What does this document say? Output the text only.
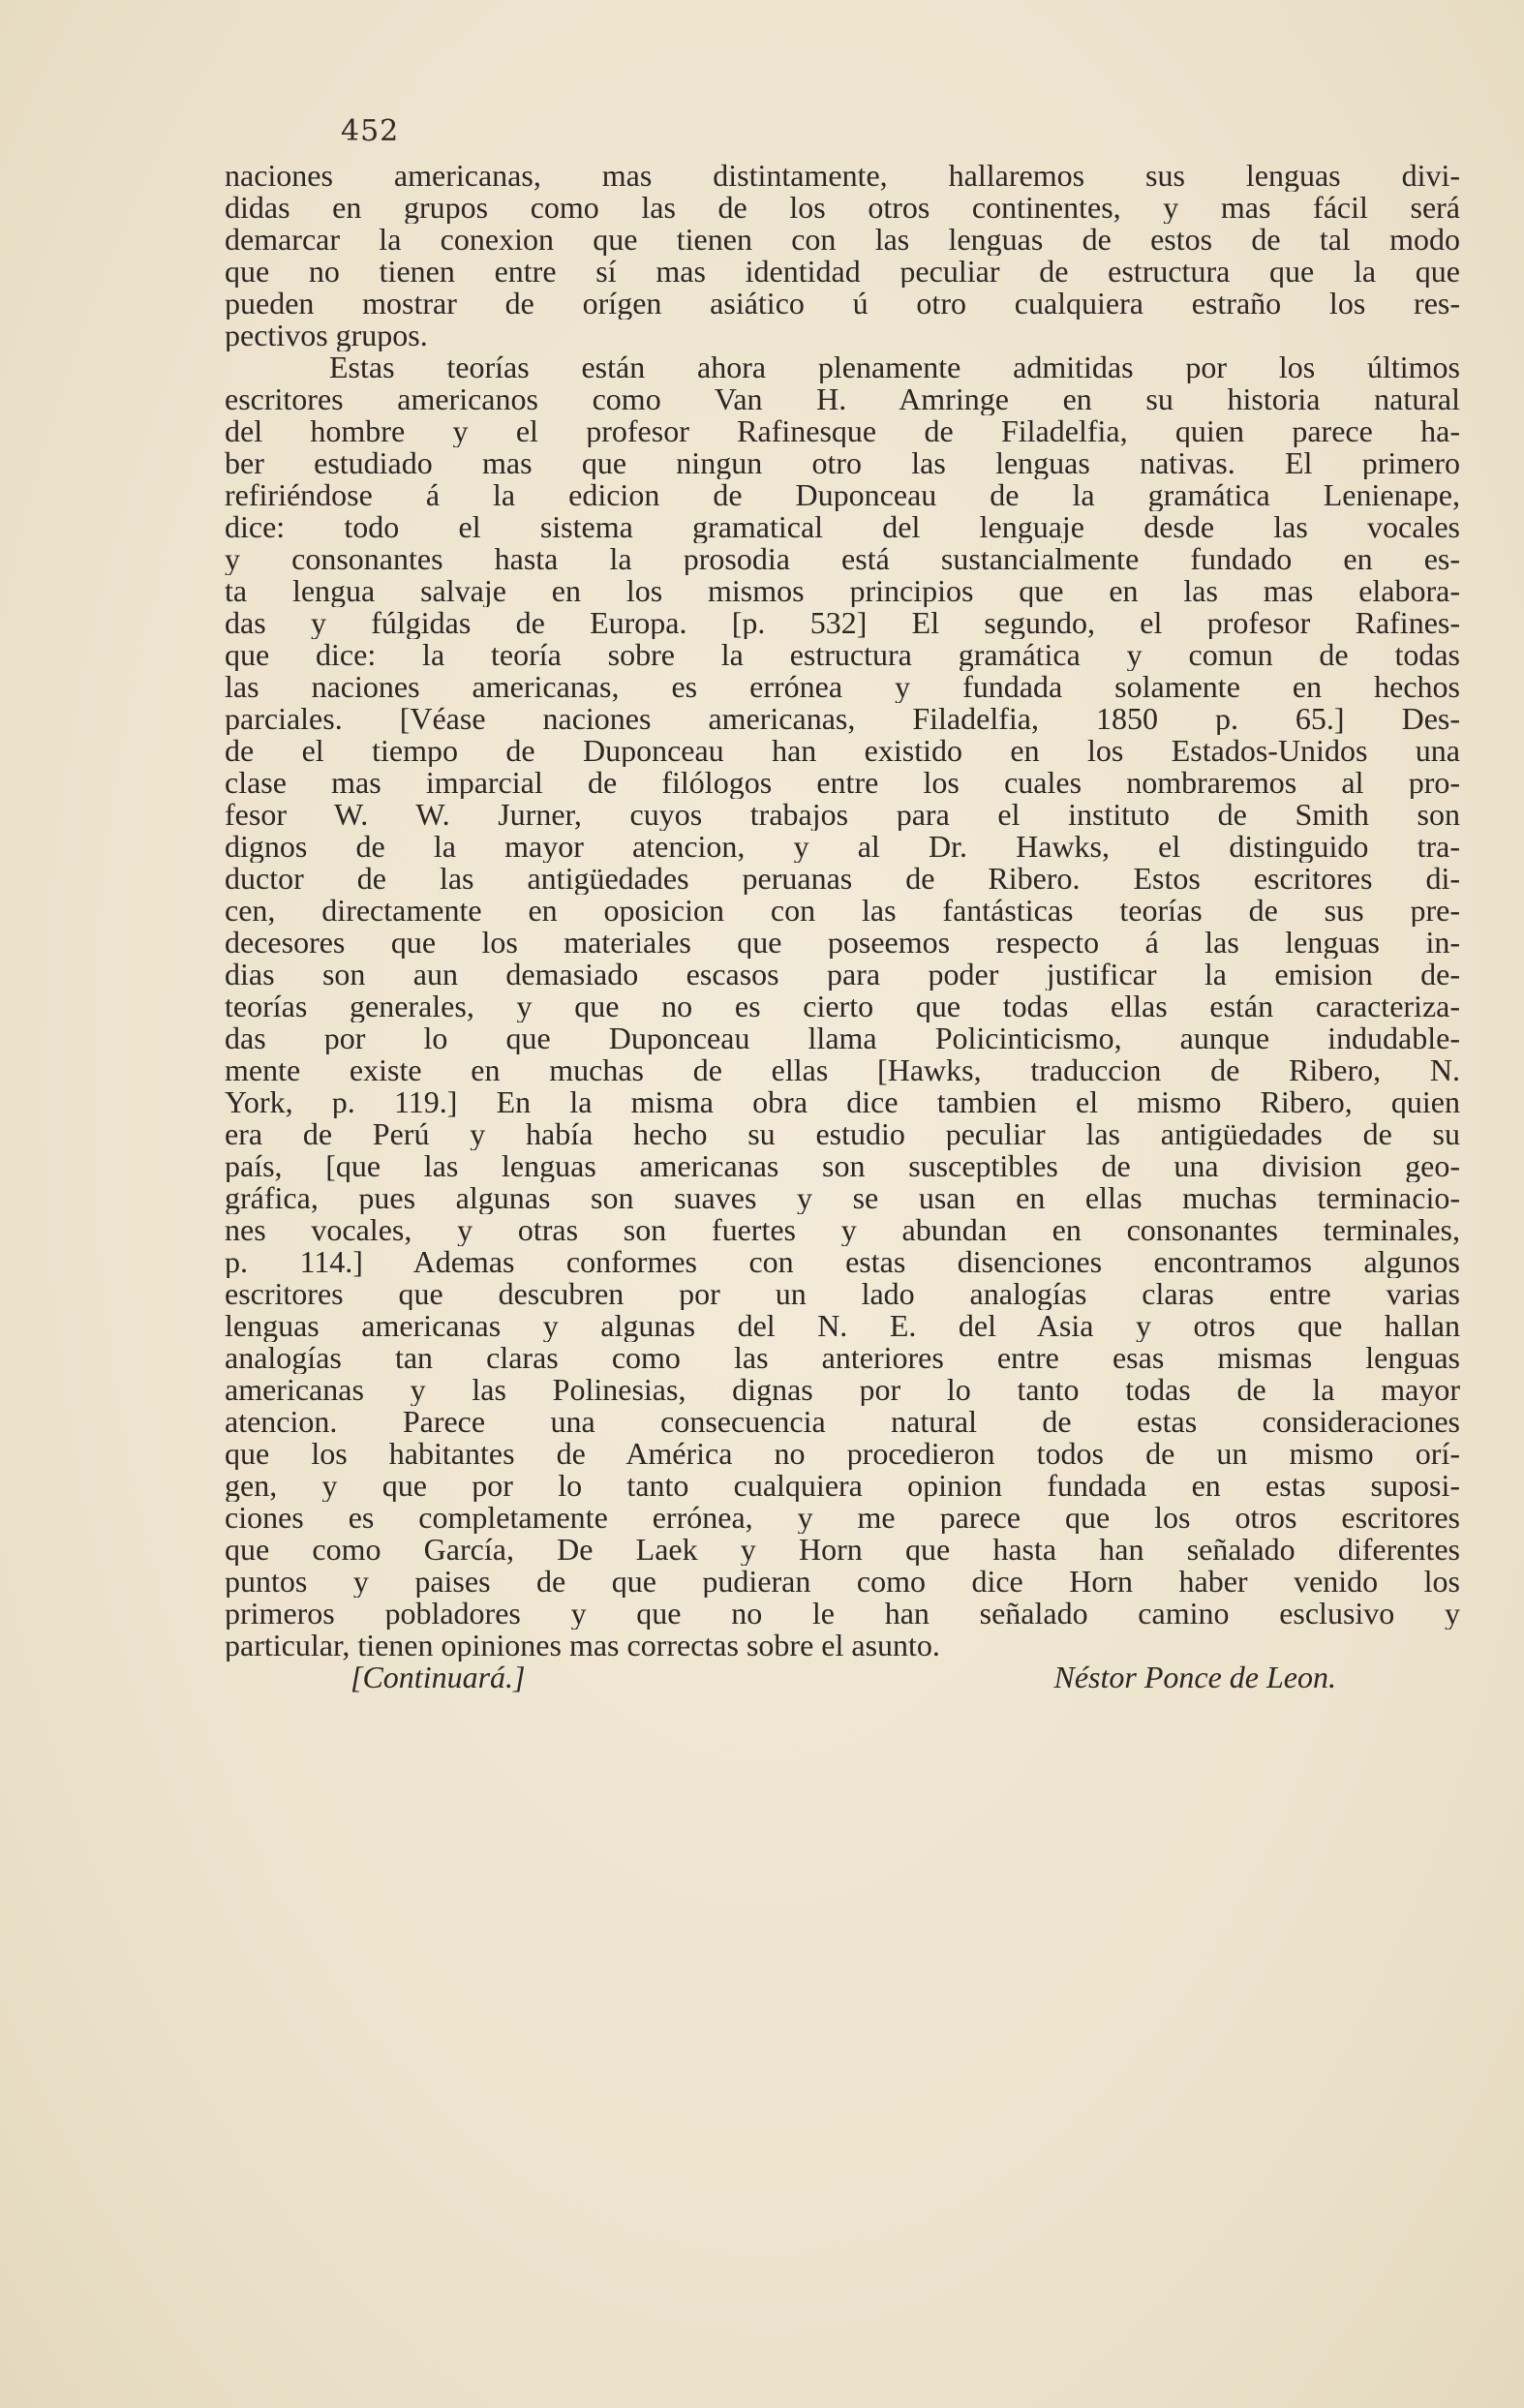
452
naciones americanas, mas distintamente, hallaremos sus lenguas divi-
didas en grupos como las de los otros continentes, y mas fácil será
demarcar la conexion que tienen con las lenguas de estos de tal modo
que no tienen entre sí mas identidad peculiar de estructura que la que
pueden mostrar de orígen asiático ú otro cualquiera estraño los res-
pectivos grupos.
Estas teorías están ahora plenamente admitidas por los últimos
escritores americanos como Van H. Amringe en su historia natural
del hombre y el profesor Rafinesque de Filadelfia, quien parece ha-
ber estudiado mas que ningun otro las lenguas nativas. El primero
refiriéndose á la edicion de Duponceau de la gramática Lenienape,
dice: todo el sistema gramatical del lenguaje desde las vocales
y consonantes hasta la prosodia está sustancialmente fundado en es-
ta lengua salvaje en los mismos principios que en las mas elabora-
das y fúlgidas de Europa. [p. 532] El segundo, el profesor Rafines-
que dice: la teoría sobre la estructura gramática y comun de todas
las naciones americanas, es errónea y fundada solamente en hechos
parciales. [Véase naciones americanas, Filadelfia, 1850 p. 65.] Des-
de el tiempo de Duponceau han existido en los Estados-Unidos una
clase mas imparcial de filólogos entre los cuales nombraremos al pro-
fesor W. W. Jurner, cuyos trabajos para el instituto de Smith son
dignos de la mayor atencion, y al Dr. Hawks, el distinguido tra-
ductor de las antigüedades peruanas de Ribero. Estos escritores di-
cen, directamente en oposicion con las fantásticas teorías de sus pre-
decesores que los materiales que poseemos respecto á las lenguas in-
dias son aun demasiado escasos para poder justificar la emision de-
teorías generales, y que no es cierto que todas ellas están caracteriza-
das por lo que Duponceau llama Policinticismo, aunque indudable-
mente existe en muchas de ellas [Hawks, traduccion de Ribero, N.
York, p. 119.] En la misma obra dice tambien el mismo Ribero, quien
era de Perú y había hecho su estudio peculiar las antigüedades de su
país, [que las lenguas americanas son susceptibles de una division geo-
gráfica, pues algunas son suaves y se usan en ellas muchas terminacio-
nes vocales, y otras son fuertes y abundan en consonantes terminales,
p. 114.] Ademas conformes con estas disenciones encontramos algunos
escritores que descubren por un lado analogías claras entre varias
lenguas americanas y algunas del N. E. del Asia y otros que hallan
analogías tan claras como las anteriores entre esas mismas lenguas
americanas y las Polinesias, dignas por lo tanto todas de la mayor
atencion. Parece una consecuencia natural de estas consideraciones
que los habitantes de América no procedieron todos de un mismo orí-
gen, y que por lo tanto cualquiera opinion fundada en estas suposi-
ciones es completamente errónea, y me parece que los otros escritores
que como García, De Laek y Horn que hasta han señalado diferentes
puntos y paises de que pudieran como dice Horn haber venido los
primeros pobladores y que no le han señalado camino esclusivo y
particular, tienen opiniones mas correctas sobre el asunto.
[Continuará.]	Néstor Ponce de Leon.
